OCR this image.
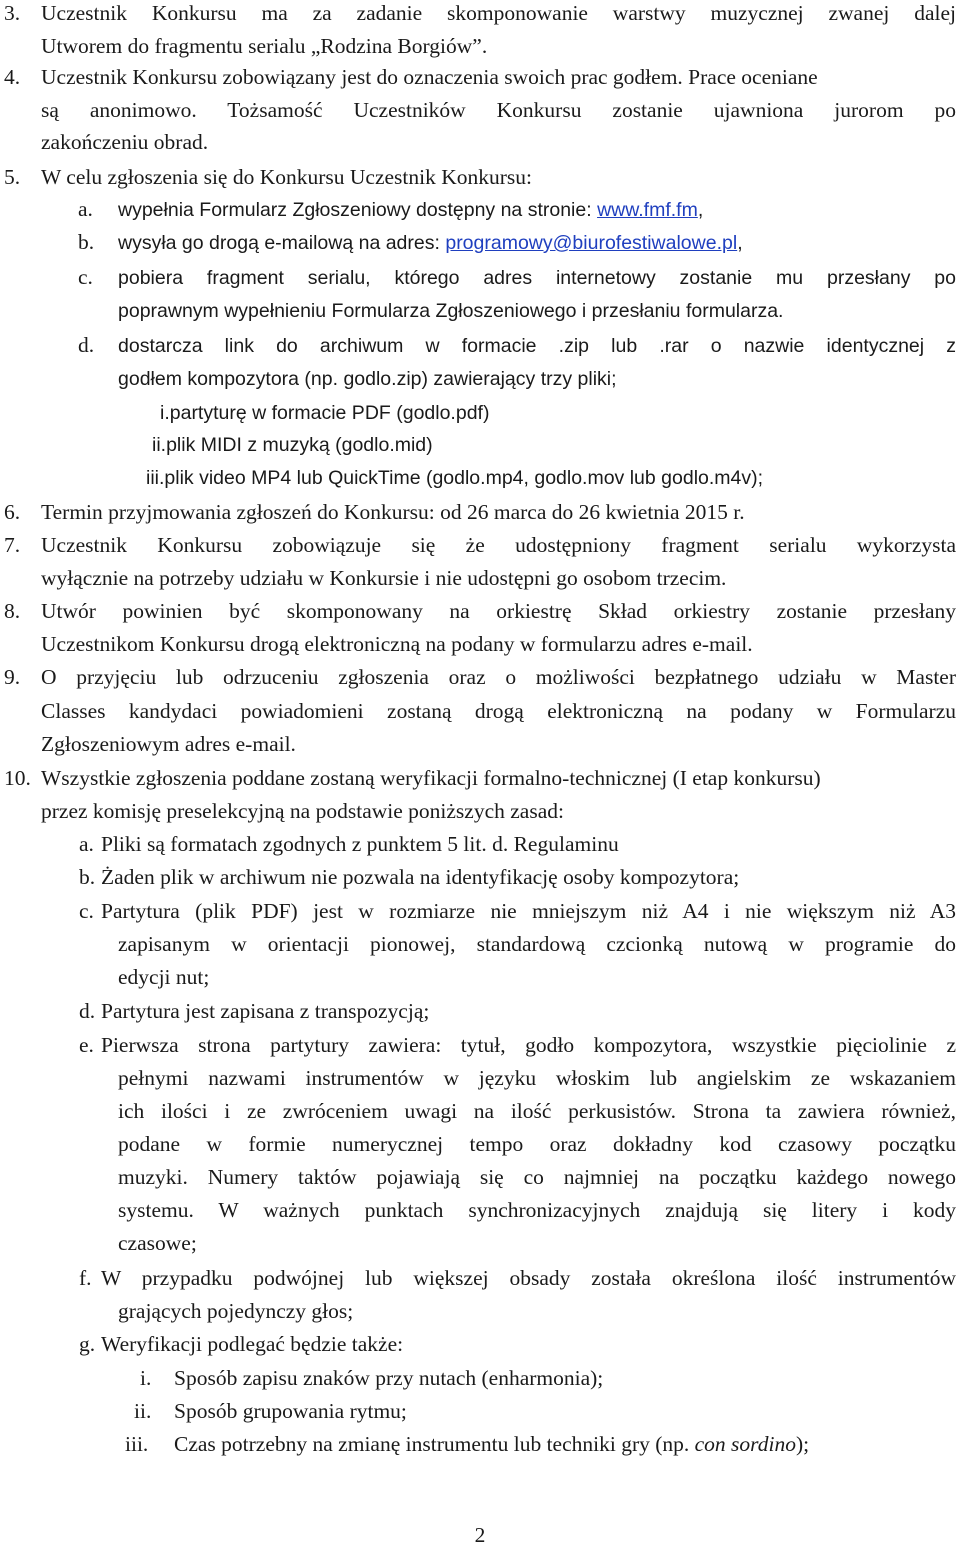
3. Uczestnik Konkursu ma za zadanie skomponowanie warstwy muzycznej zwanej dalej
Utworem do fragmentu serialu „Rodzina Borgiów”.
4. Uczestnik Konkursu zobowiązany jest do oznaczenia swoich prac godłem. Prace oceniane
są anonimowo. Tożsamość Uczestników Konkursu zostanie ujawniona jurorom po
zakończeniu obrad.
5. W celu zgłoszenia się do Konkursu Uczestnik Konkursu:
a. wypełnia Formularz Zgłoszeniowy dostępny na stronie: www.fmf.fm,
b. wysyła go drogą e-mailową na adres: programowy@biurofestiwalowe.pl,
c. pobiera fragment serialu, którego adres internetowy zostanie mu przesłany po
poprawnym wypełnieniu Formularza Zgłoszeniowego i przesłaniu formularza.
d. dostarcza link do archiwum w formacie .zip lub .rar o nazwie identycznej z
godłem kompozytora (np. godlo.zip) zawierający trzy pliki;
i.partyturę w formacie PDF (godlo.pdf)
ii.plik MIDI z muzyką (godlo.mid)
iii.plik video MP4 lub QuickTime (godlo.mp4, godlo.mov lub godlo.m4v);
6. Termin przyjmowania zgłoszeń do Konkursu: od 26 marca do 26 kwietnia 2015 r.
7. Uczestnik Konkursu zobowiązuje się że udostępniony fragment serialu wykorzysta
wyłącznie na potrzeby udziału w Konkursie i nie udostępni go osobom trzecim.
8. Utwór powinien być skomponowany na orkiestrę Skład orkiestry zostanie przesłany
Uczestnikom Konkursu drogą elektroniczną na podany w formularzu adres e-mail.
9. O przyjęciu lub odrzuceniu zgłoszenia oraz o możliwości bezpłatnego udziału w Master
Classes kandydaci powiadomieni zostaną drogą elektroniczną na podany w Formularzu
Zgłoszeniowym adres e-mail.
10. Wszystkie zgłoszenia poddane zostaną weryfikacji formalno-technicznej (I etap konkursu)
przez komisję preselekcyjną na podstawie poniższych zasad:
a. Pliki są formatach zgodnych z punktem 5 lit. d. Regulaminu
b. Żaden plik w archiwum nie pozwala na identyfikację osoby kompozytora;
c. Partytura (plik PDF) jest w rozmiarze nie mniejszym niż A4 i nie większym niż A3
zapisanym w orientacji pionowej, standardową czcionką nutową w programie do
edycji nut;
d. Partytura jest zapisana z transpozycją;
e. Pierwsza strona partytury zawiera: tytuł, godło kompozytora, wszystkie pięciolinie z
pełnymi nazwami instrumentów w języku włoskim lub angielskim ze wskazaniem
ich ilości i ze zwróceniem uwagi na ilość perkusistów. Strona ta zawiera również,
podane w formie numerycznej tempo oraz dokładny kod czasowy początku
muzyki. Numery taktów pojawiają się co najmniej na początku każdego nowego
systemu. W ważnych punktach synchronizacyjnych znajdują się litery i kody
czasowe;
f. W przypadku podwójnej lub większej obsady została określona ilość instrumentów
grających pojedynczy głos;
g. Weryfikacji podlegać będzie także:
i. Sposób zapisu znaków przy nutach (enharmonia);
ii. Sposób grupowania rytmu;
iii. Czas potrzebny na zmianę instrumentu lub techniki gry (np. con sordino);
2
